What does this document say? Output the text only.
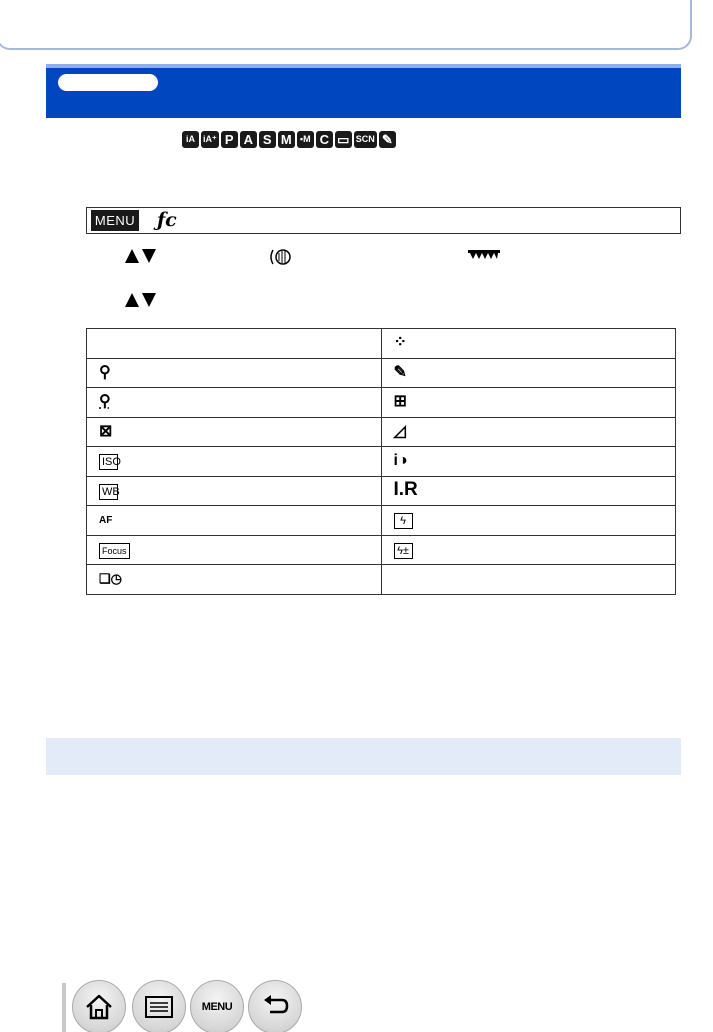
iA iA⁺ P A S M ▪M C ▭ SCN ✎
MENU ƒc
	⁘
⚲	✎
⚲	⊞
⊠	◿
ISO	i◑
WB	I.R
AF	ϟ
Focus	ϟ±
❏◷	
MENU
